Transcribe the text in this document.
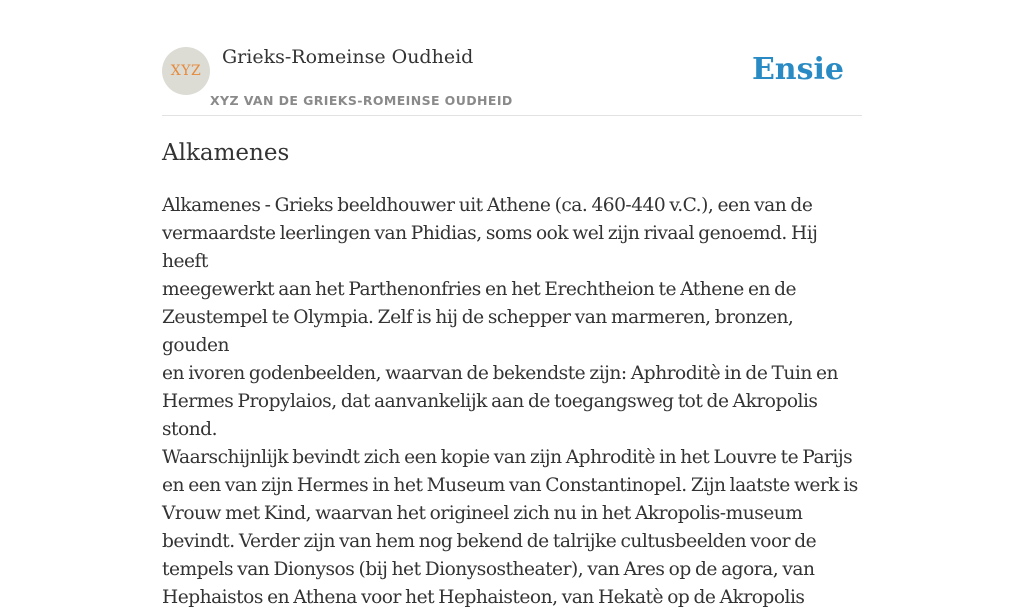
XYZ
Grieks-Romeinse Oudheid
XYZ VAN DE GRIEKS-ROMEINSE OUDHEID
Ensie
Alkamenes

Alkamenes - Grieks beeldhouwer uit Athene (ca. 460-440 v.C.), een van de
vermaardste leerlingen van Phidias, soms ook wel zijn rivaal genoemd. Hij heeft
meegewerkt aan het Parthenonfries en het Erechtheion te Athene en de
Zeustempel te Olympia. Zelf is hij de schepper van marmeren, bronzen, gouden
en ivoren godenbeelden, waarvan de bekendste zijn: Aphroditè in de Tuin en
Hermes Propylaios, dat aanvankelijk aan de toegangsweg tot de Akropolis stond.
Waarschijnlijk bevindt zich een kopie van zijn Aphroditè in het Louvre te Parijs
en een van zijn Hermes in het Museum van Constantinopel. Zijn laatste werk is
Vrouw met Kind, waarvan het origineel zich nu in het Akropolis-museum
bevindt. Verder zijn van hem nog bekend de talrijke cultusbeelden voor de
tempels van Dionysos (bij het Dionysostheater), van Ares op de agora, van
Hephaistos en Athena voor het Hephaisteon, van Hekatè op de Akropolis
